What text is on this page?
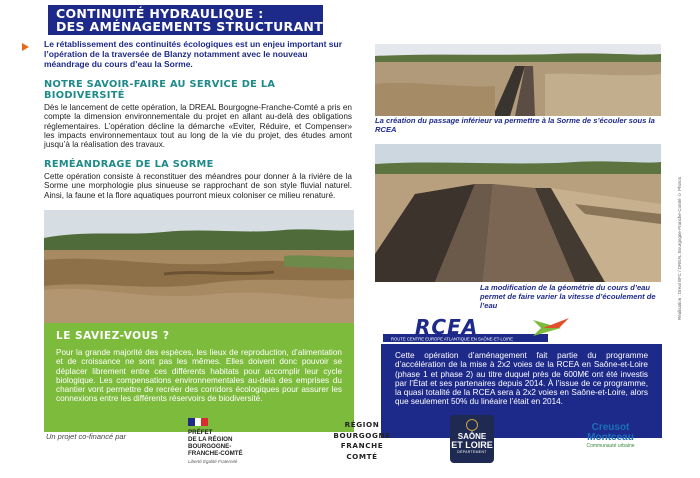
CONTINUITÉ HYDRAULIQUE :
DES AMÉNAGEMENTS STRUCTURANTS

Le rétablissement des continuités écologiques est un enjeu important sur l’opération de la traversée de Blanzy notamment avec le nouveau méandrage du cours d’eau la Sorme.

NOTRE SAVOIR-FAIRE AU SERVICE DE LA
BIODIVERSITÉ

Dès le lancement de cette opération, la DREAL Bourgogne-Franche-Comté a pris en compte la dimension environnementale du projet en allant au-delà des obligations réglementaires. L’opération décline la démarche «Eviter, Réduire, et Compenser» les impacts environnementaux tout au long de la vie du projet, des études amont jusqu’à la réalisation des travaux.

REMÉANDRAGE DE LA SORME

Cette opération consiste à reconstituer des méandres pour donner à la rivière de la Sorme une morphologie plus sinueuse se rapprochant de son style fluvial naturel. Ainsi, la faune et la flore aquatiques pourront mieux coloniser ce milieu renaturé.

La création du passage inférieur va permettre à la Sorme de s’écouler sous la RCEA

La modification de la géométrie du cours d’eau permet de faire varier la vitesse d’écoulement de l’eau

LE SAVIEZ-VOUS ?

Pour la grande majorité des espèces, les lieux de reproduction, d’alimentation et de croissance ne sont pas les mêmes. Elles doivent donc pouvoir se déplacer librement entre ces différents habitats pour accomplir leur cycle biologique. Les compensations environnementales au-delà des emprises du chantier vont permettre de recréer des corridors écologiques pour assurer les connexions entre les différents réservoirs de biodiversité.

RCEA
ROUTE CENTRE EUROPE ATLANTIQUE EN SAÔNE-ET-LOIRE

Cette opération d’aménagement fait partie du programme d’accélération de la mise à 2x2 voies de la RCEA en Saône-et-Loire (phase 1 et phase 2) au titre duquel près de 600M€ ont été investis par l’État et ses partenaires depuis 2014. À l’issue de ce programme, la quasi totalité de la RCEA sera à 2x2 voies en Saône-et-Loire, alors que seulement 50% du linéaire l’était en 2014.

Réalisation : Dreal BFC / DREAL Bourgogne-Franche-Comté © Photos
Un projet co-financé par	PRÉFET
DE LA RÉGION
BOURGOGNE-
FRANCHE-COMTÉ
Liberté Égalité Fraternité
RÉGION
BOURGOGNE
FRANCHE
COMTÉ
SAÔNE
ET LOIRE
DÉPARTEMENT
Creusot
Montceau
Communauté urbaine
